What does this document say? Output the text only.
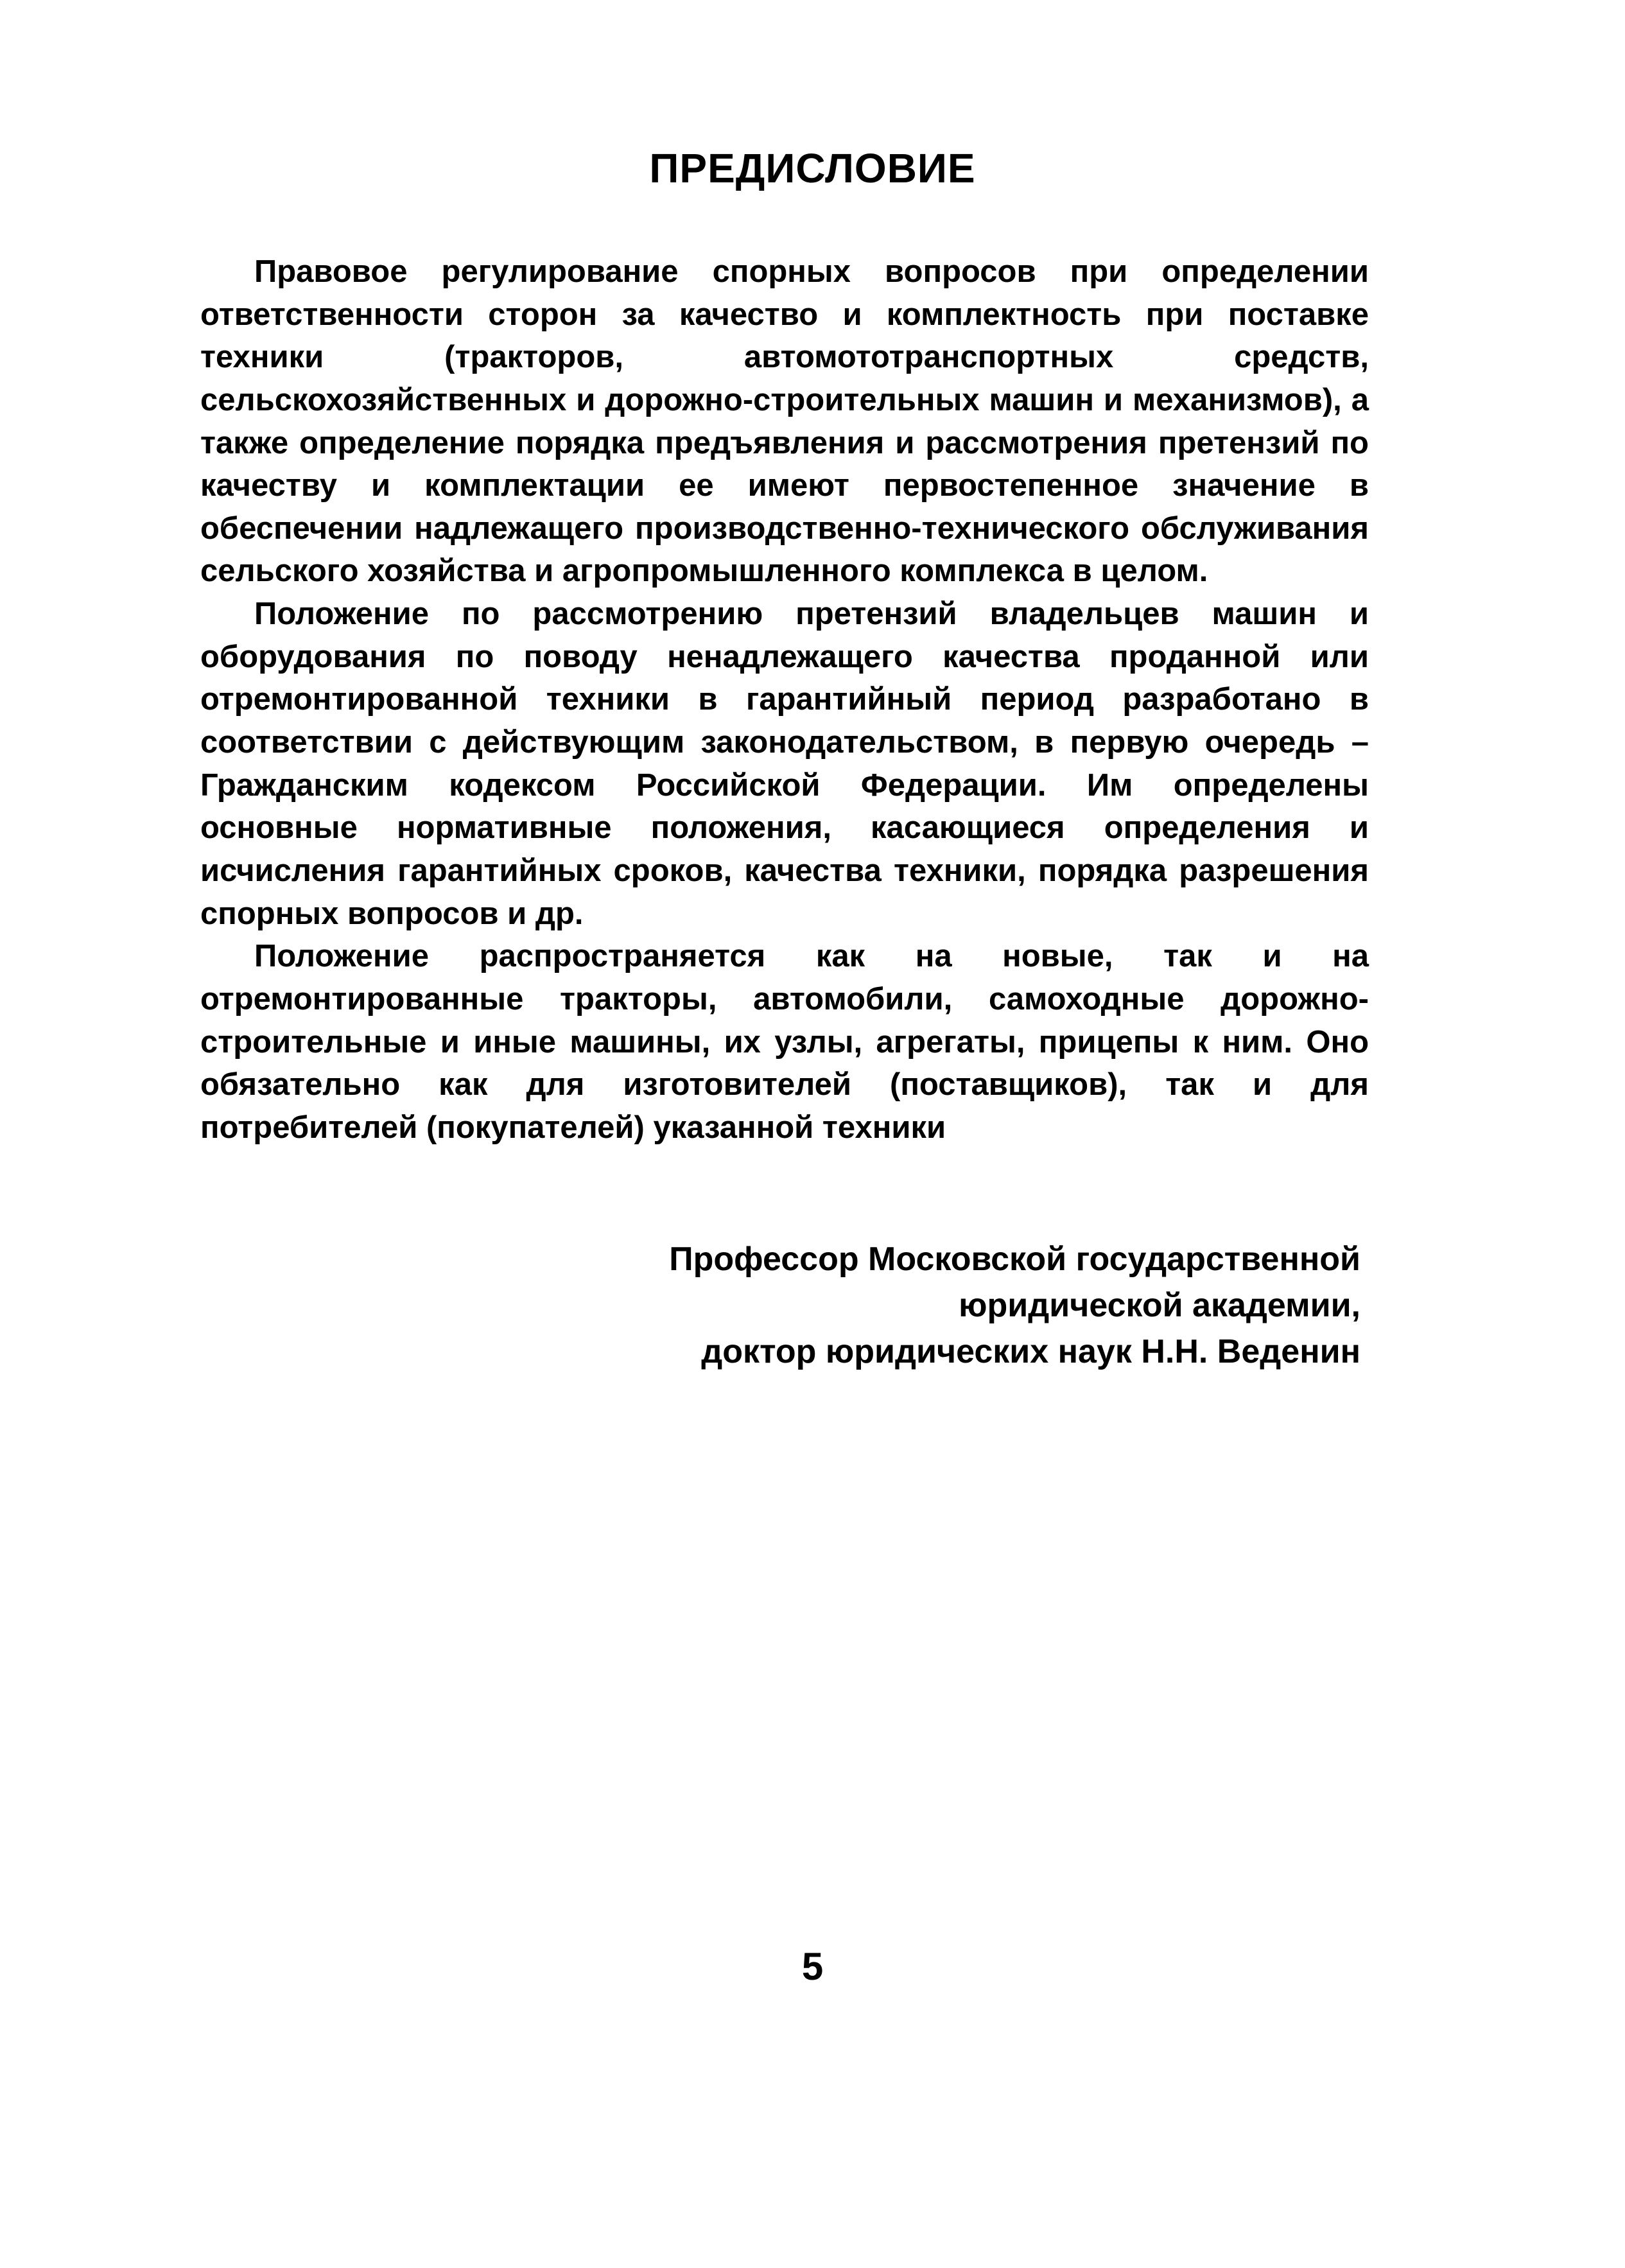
ПРЕДИСЛОВИЕ

Правовое регулирование спорных вопросов при определении ответственности сторон за качество и комплектность при поставке техники (тракторов, автомототранспортных средств, сельскохозяйственных и дорожно-строительных машин и механизмов), а также определение порядка предъявления и рассмотрения претензий по качеству и комплектации ее имеют первостепенное значение в обеспечении надлежащего производственно-технического обслуживания сельского хозяйства и агропромышленного комплекса в целом.

Положение по рассмотрению претензий владельцев машин и оборудования по поводу ненадлежащего качества проданной или отремонтированной техники в гарантийный период разработано в соответствии с действующим законодательством, в первую очередь – Гражданским кодексом Российской Федерации. Им определены основные нормативные положения, касающиеся определения и исчисления гарантийных сроков, качества техники, порядка разрешения спорных вопросов и др.

Положение распространяется как на новые, так и на отремонтированные тракторы, автомобили, самоходные дорожно-строительные и иные машины, их узлы, агрегаты, прицепы к ним. Оно обязательно как для изготовителей (поставщиков), так и для потребителей (покупателей) указанной техники

Профессор Московской государственной
юридической академии,
доктор юридических наук Н.Н. Веденин
5
